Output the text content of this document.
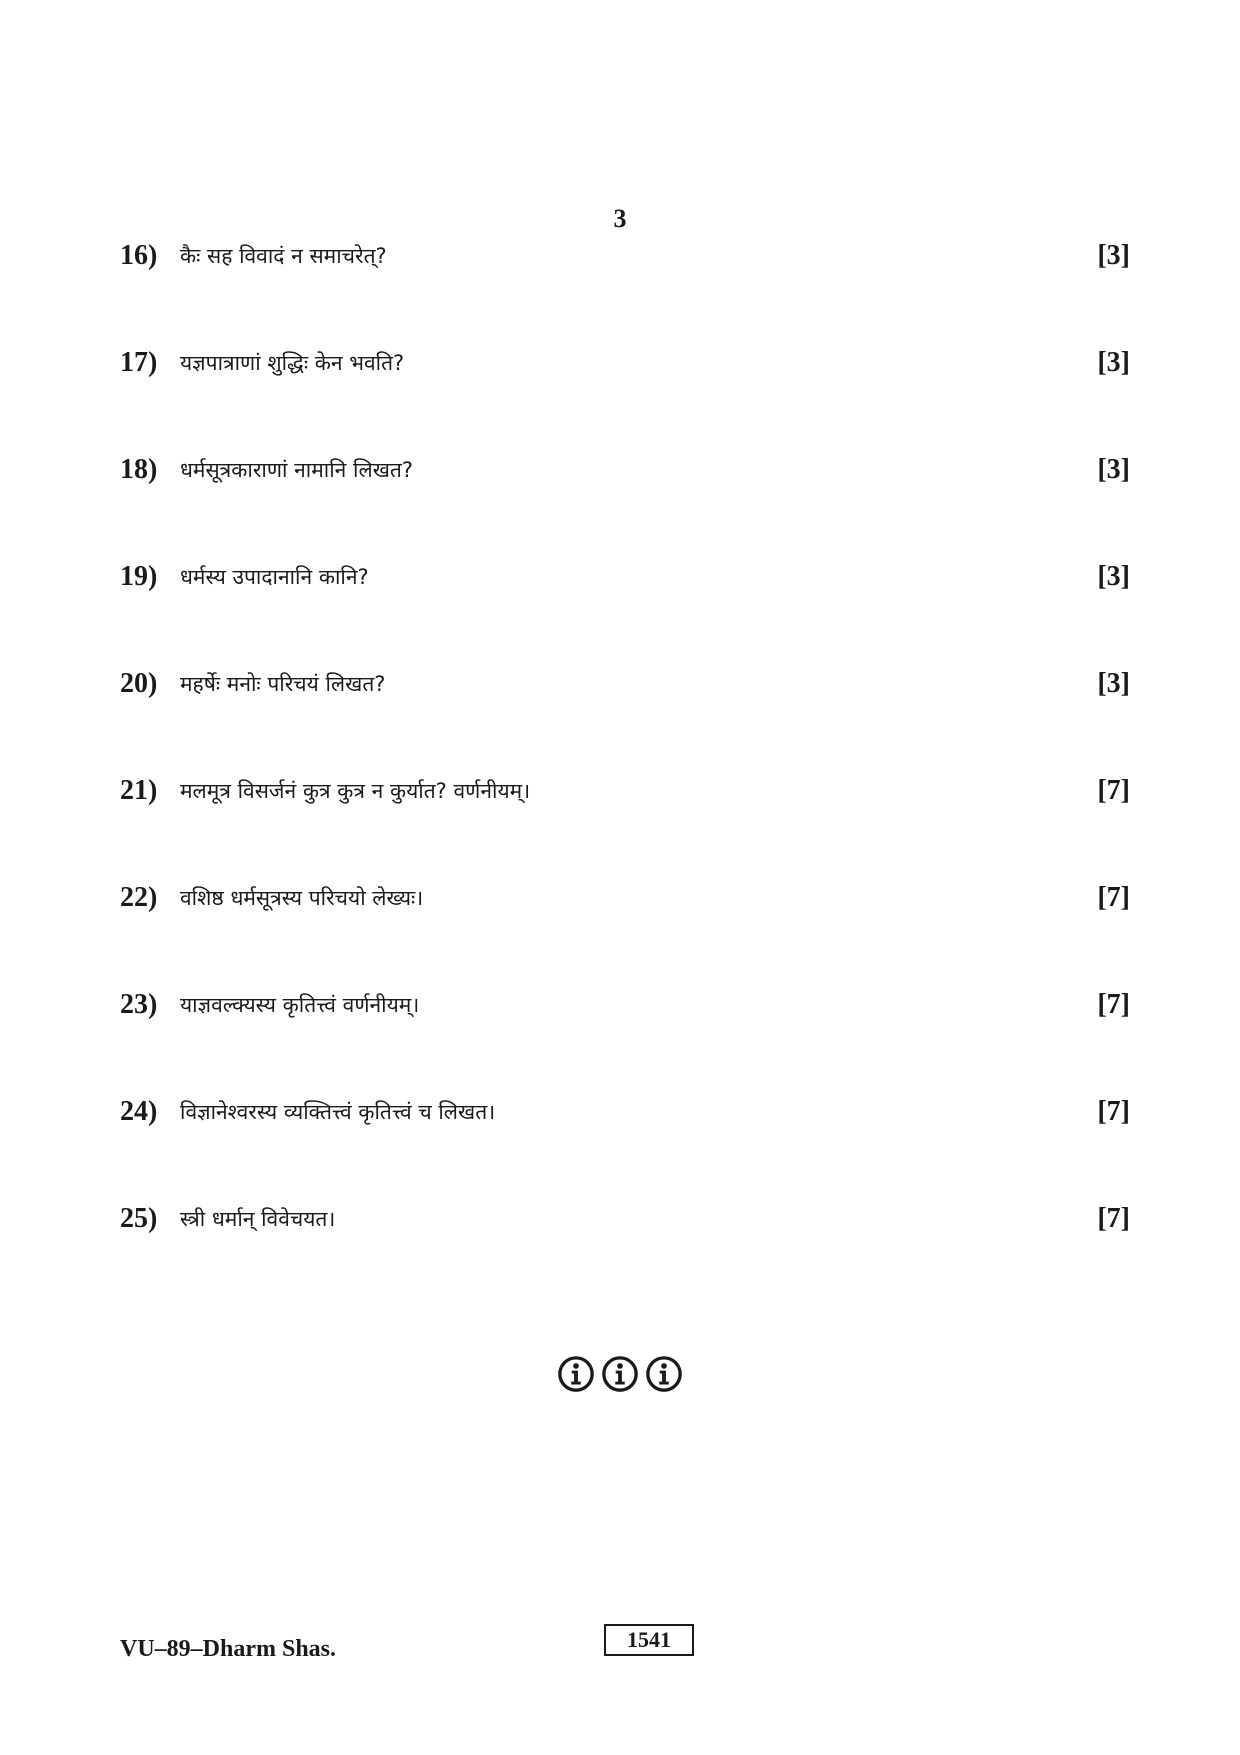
3
16) कैः सह विवादं न समाचरेत्?	[3]
17) यज्ञपात्राणां शुद्धिः केन भवति?	[3]
18) धर्मसूत्रकाराणां नामानि लिखत?	[3]
19) धर्मस्य उपादानानि कानि?	[3]
20) महर्षेः मनोः परिचयं लिखत?	[3]
21) मलमूत्र विसर्जनं कुत्र कुत्र न कुर्यात? वर्णनीयम्।	[7]
22) वशिष्ठ धर्मसूत्रस्य परिचयो लेख्यः।	[7]
23) याज्ञवल्क्यस्य कृतित्त्वं वर्णनीयम्।	[7]
24) विज्ञानेश्वरस्य व्यक्तित्त्वं कृतित्त्वं च लिखत।	[7]
25) स्त्री धर्मान् विवेचयत।	[7]
VU–89–Dharm Shas.	1541
